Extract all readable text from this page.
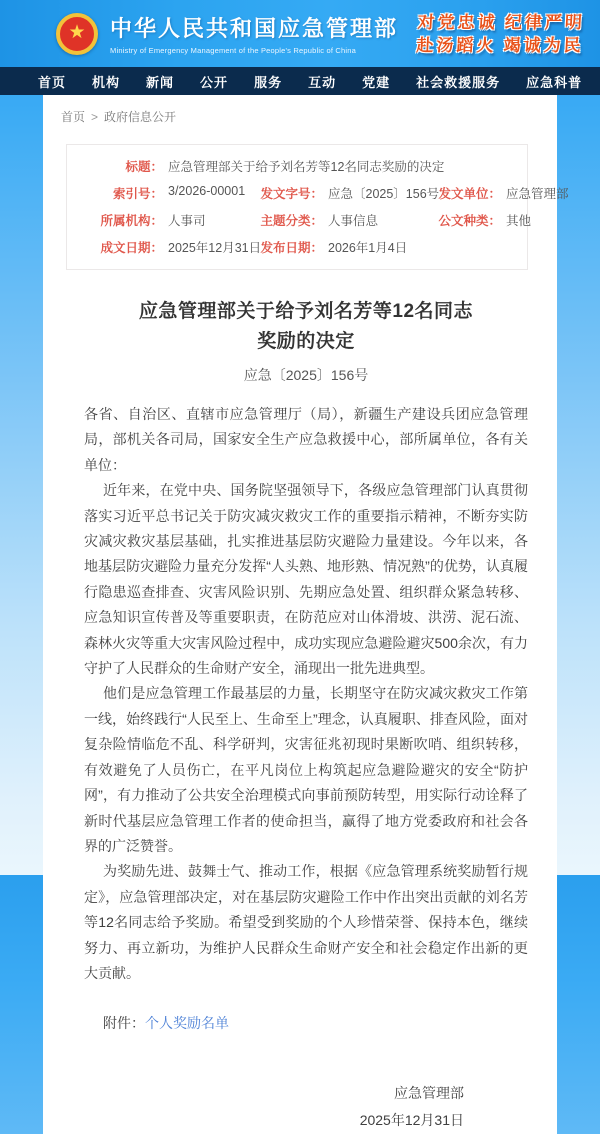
★ 中华人民共和国应急管理部
Ministry of Emergency Management of the People's Republic of China
对党忠诚 纪律严明
赴汤蹈火 竭诚为民
首页 机构 新闻 公开 服务 互动 党建 社会救援服务 应急科普
首页 > 政府信息公开
标题： 应急管理部关于给予刘名芳等12名同志奖励的决定
索引号： 3/2026-00001 发文字号： 应急〔2025〕156号 发文单位： 应急管理部
所属机构： 人事司	主题分类： 人事信息	公文种类： 其他
成文日期： 2025年12月31日 发布日期： 2026年1月4日
应急管理部关于给予刘名芳等12名同志
奖励的决定
应急〔2025〕156号

各省、自治区、直辖市应急管理厅（局），新疆生产建设兵团应急管理局，部机关各司局，国家安全生产应急救援中心，部所属单位，各有关单位：

近年来，在党中央、国务院坚强领导下，各级应急管理部门认真贯彻落实习近平总书记关于防灾减灾救灾工作的重要指示精神，不断夯实防灾减灾救灾基层基础，扎实推进基层防灾避险力量建设。今年以来，各地基层防灾避险力量充分发挥“人头熟、地形熟、情况熟”的优势，认真履行隐患巡查排查、灾害风险识别、先期应急处置、组织群众紧急转移、应急知识宣传普及等重要职责，在防范应对山体滑坡、洪涝、泥石流、森林火灾等重大灾害风险过程中，成功实现应急避险避灾500余次，有力守护了人民群众的生命财产安全，涌现出一批先进典型。

他们是应急管理工作最基层的力量，长期坚守在防灾减灾救灾工作第一线，始终践行“人民至上、生命至上”理念，认真履职、排查风险，面对复杂险情临危不乱、科学研判，灾害征兆初现时果断吹哨、组织转移，有效避免了人员伤亡，在平凡岗位上构筑起应急避险避灾的安全“防护网”，有力推动了公共安全治理模式向事前预防转型，用实际行动诠释了新时代基层应急管理工作者的使命担当，赢得了地方党委政府和社会各界的广泛赞誉。

为奖励先进、鼓舞士气、推动工作，根据《应急管理系统奖励暂行规定》，应急管理部决定，对在基层防灾避险工作中作出突出贡献的刘名芳等12名同志给予奖励。希望受到奖励的个人珍惜荣誉、保持本色，继续努力、再立新功，为维护人民群众生命财产安全和社会稳定作出新的更大贡献。

附件：个人奖励名单

应急管理部
2025年12月31日
